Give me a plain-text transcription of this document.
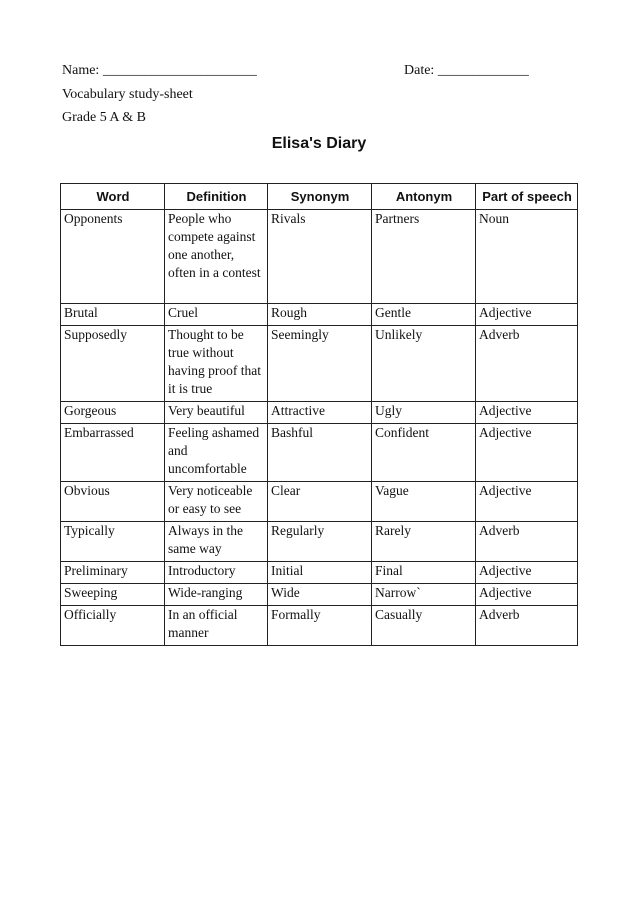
Name: ______________________	Date: _____________
Vocabulary study-sheet
Grade 5 A & B
Elisa's Diary
Word	Definition	Synonym	Antonym	Part of speech
Opponents	People who compete against one another, often in a contest	Rivals	Partners	Noun
Brutal	Cruel	Rough	Gentle	Adjective
Supposedly	Thought to be true without having proof that it is true	Seemingly	Unlikely	Adverb
Gorgeous	Very beautiful	Attractive	Ugly	Adjective
Embarrassed	Feeling ashamed and uncomfortable	Bashful	Confident	Adjective
Obvious	Very noticeable or easy to see	Clear	Vague	Adjective
Typically	Always in the same way	Regularly	Rarely	Adverb
Preliminary	Introductory	Initial	Final	Adjective
Sweeping	Wide-ranging	Wide	Narrow`	Adjective
Officially	In an official manner	Formally	Casually	Adverb
